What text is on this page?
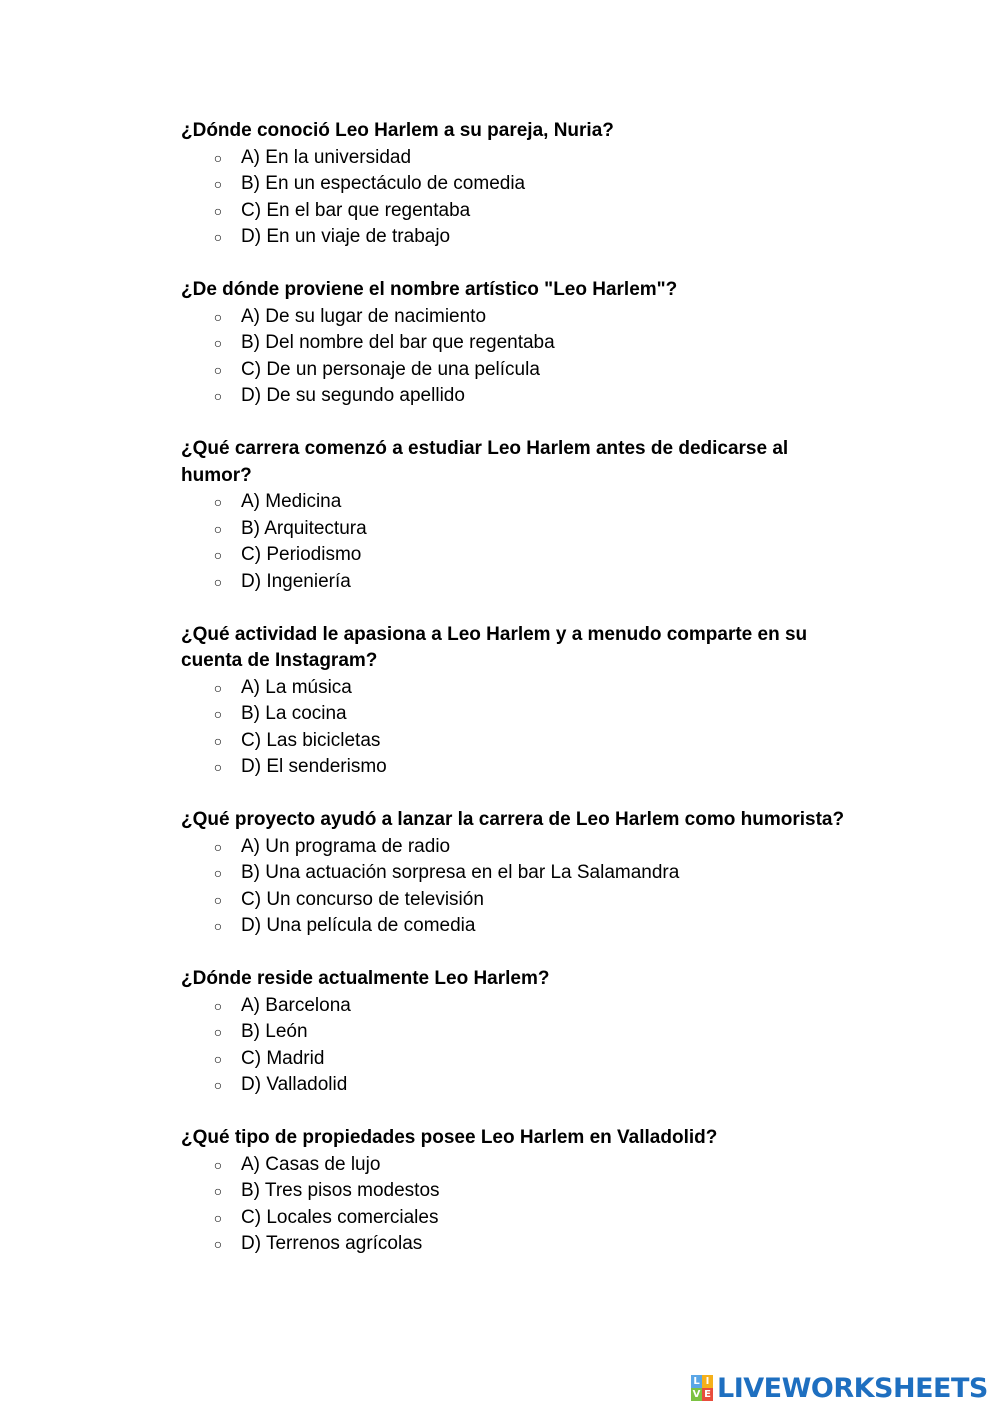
¿Dónde conoció Leo Harlem a su pareja, Nuria?

○ A) En la universidad
○ B) En un espectáculo de comedia
○ C) En el bar que regentaba
○ D) En un viaje de trabajo

¿De dónde proviene el nombre artístico "Leo Harlem"?

○ A) De su lugar de nacimiento
○ B) Del nombre del bar que regentaba
○ C) De un personaje de una película
○ D) De su segundo apellido

¿Qué carrera comenzó a estudiar Leo Harlem antes de dedicarse al humor?

○ A) Medicina
○ B) Arquitectura
○ C) Periodismo
○ D) Ingeniería

¿Qué actividad le apasiona a Leo Harlem y a menudo comparte en su cuenta de Instagram?

○ A) La música
○ B) La cocina
○ C) Las bicicletas
○ D) El senderismo

¿Qué proyecto ayudó a lanzar la carrera de Leo Harlem como humorista?

○ A) Un programa de radio
○ B) Una actuación sorpresa en el bar La Salamandra
○ C) Un concurso de televisión
○ D) Una película de comedia

¿Dónde reside actualmente Leo Harlem?

○ A) Barcelona
○ B) León
○ C) Madrid
○ D) Valladolid

¿Qué tipo de propiedades posee Leo Harlem en Valladolid?

○ A) Casas de lujo
○ B) Tres pisos modestos
○ C) Locales comerciales
○ D) Terrenos agrícolas
L I
V E LIVEWORKSHEETS
